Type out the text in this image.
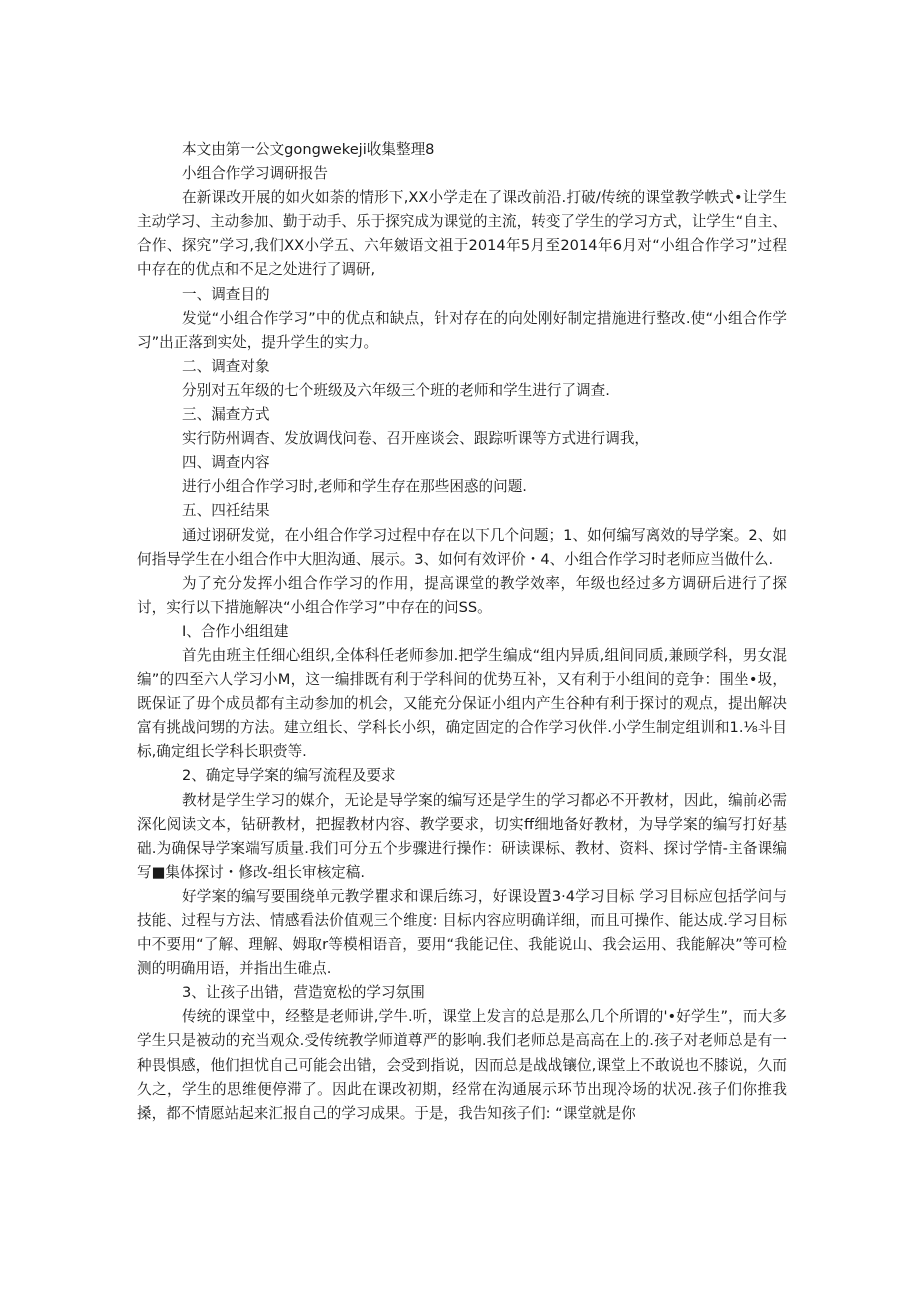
本文由第一公文gongwekeji收集整理8

小组合作学习调研报告

在新课改开展的如火如荼的情形下,XX小学走在了课改前沿.打破/传统的课堂教学帙式•让学生主动学习、主动参加、勤于动手、乐于探究成为课觉的主流，转变了学生的学习方式，让学生“自主、合作、探究”学习,我们XX小学五、六年皴语文祖于2014年5月至2014年6月对“小组合作学习”过程中存在的优点和不足之处进行了调研,

一、调查目的

发觉“小组合作学习”中的优点和缺点，针对存在的向处刚好制定措施进行整改.使“小组合作学习”出正落到实处，提升学生的实力。

二、调查对象

分别对五年级的七个班级及六年级三个班的老师和学生进行了调查.

三、漏查方式

实行防州调杳、发放调伐问卷、召开座谈会、跟踪听课等方式进行调我，

四、调查内容

进行小组合作学习时,老师和学生存在那些困惑的问题.

五、四祍结果

通过诩研发觉，在小组合作学习过程中存在以下几个问题；1、如何编写离效的导学案。2、如何指导学生在小组合作中大胆沟通、展示。3、如何有效评价・4、小组合作学习时老师应当做什么.

为了充分发挥小组合作学习的作用，提高课堂的教学效率，年级也经过多方调研后进行了探讨，实行以下措施解决“小组合作学习”中存在的问SS。

I、合作小组组建

首先由班主任细心组织,全体科任老师参加.把学生编成“组内异质,组间同质,兼顾学科，男女混编”的四至六人学习小M，这一编排既有利于学科间的优势互补，又有利于小组间的竞争：围坐•圾，既保证了毋个成员都有主动参加的机会，又能充分保证小组内产生谷种有利于探讨的观点，提出解决富有挑战问甥的方法。建立组长、学科长小织，确定固定的合作学习伙伴.小学生制定组训和1.⅛斗目标,确定组长学科长职赍等.

2、确定导学案的编写流程及要求

教材是学生学习的媒介，无论是导学案的编写还是学生的学习都必不开教材，因此，编前必需深化阅读文本，钻研教材，把握教材内容、教学要求，切实ff细地备好教材，为导学案的编写打好基础.为确保导学案端写质量.我们可分五个步骤进行操作：研读课标、教材、资料、探讨学情-主备课编写■集体探讨・修改-组长审核定稿.

好学案的编写要围绕单元教学瞿求和课后练习，好课设置3·4学习目标 学习目标应包括学问与技能、过程与方法、情感看法价值观三个维度: 目标内容应明确详细，而且可操作、能达成.学习目标中不要用“了解、理解、姆取r等模相语音，要用“我能记住、我能说山、我会运用、我能解决”等可检测的明确用语，并指出生碓点.

3、让孩子出错，营造宽松的学习氛围

传统的课堂中，经整是老师讲,学牛.听，课堂上发言的总是那么几个所谓的'•好学生”，而大多学生只是被动的充当观众.受传统教学师道尊严的影响.我们老师总是高高在上的.孩子对老师总是有一种畏惧感，他们担忧自己可能会出错，会受到指说，因而总是战战镶位,课堂上不敢说也不膝说，久而久之，学生的思维便停滞了。因此在课改初期，经常在沟通展示环节出现冷场的状况.孩子们你推我搡，都不情愿站起来汇报自己的学习成果。于是，我告知孩子们: “课堂就是你
